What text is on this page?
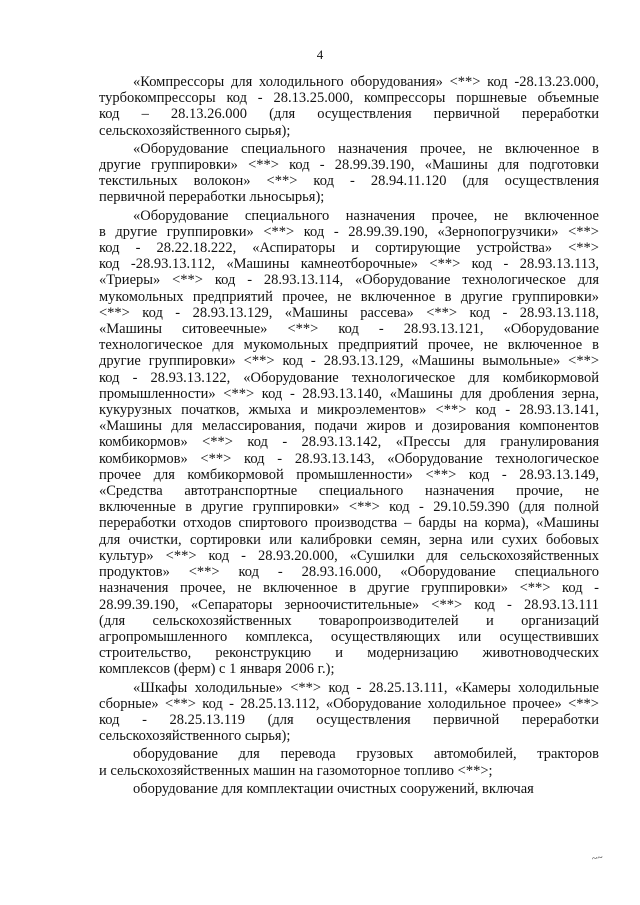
4
«Компрессоры для холодильного оборудования» <**> код -28.13.23.000,
турбокомпрессоры код - 28.13.25.000, компрессоры поршневые объемные
код – 28.13.26.000 (для осуществления первичной переработки
сельскохозяйственного сырья);
«Оборудование специального назначения прочее, не включенное в
другие группировки» <**> код - 28.99.39.190, «Машины для подготовки
текстильных волокон» <**> код - 28.94.11.120 (для осуществления
первичной переработки льносырья);
«Оборудование специального назначения прочее, не включенное
в другие группировки» <**> код - 28.99.39.190, «Зернопогрузчики» <**>
код - 28.22.18.222, «Аспираторы и сортирующие устройства» <**>
код -28.93.13.112, «Машины камнеотборочные» <**> код - 28.93.13.113,
«Триеры» <**> код - 28.93.13.114, «Оборудование технологическое для
мукомольных предприятий прочее, не включенное в другие группировки»
<**> код - 28.93.13.129, «Машины рассева» <**> код - 28.93.13.118,
«Машины ситовеечные» <**> код - 28.93.13.121, «Оборудование
технологическое для мукомольных предприятий прочее, не включенное в
другие группировки» <**> код - 28.93.13.129, «Машины вымольные» <**>
код - 28.93.13.122, «Оборудование технологическое для комбикормовой
промышленности» <**> код - 28.93.13.140, «Машины для дробления зерна,
кукурузных початков, жмыха и микроэлементов» <**> код - 28.93.13.141,
«Машины для мелассирования, подачи жиров и дозирования компонентов
комбикормов» <**> код - 28.93.13.142, «Прессы для гранулирования
комбикормов» <**> код - 28.93.13.143, «Оборудование технологическое
прочее для комбикормовой промышленности» <**> код - 28.93.13.149,
«Средства автотранспортные специального назначения прочие, не
включенные в другие группировки» <**> код - 29.10.59.390 (для полной
переработки отходов спиртового производства – барды на корма), «Машины
для очистки, сортировки или калибровки семян, зерна или сухих бобовых
культур» <**> код - 28.93.20.000, «Сушилки для сельскохозяйственных
продуктов» <**> код - 28.93.16.000, «Оборудование специального
назначения прочее, не включенное в другие группировки» <**> код -
28.99.39.190, «Сепараторы зерноочистительные» <**> код - 28.93.13.111
(для сельскохозяйственных товаропроизводителей и организаций
агропромышленного комплекса, осуществляющих или осуществивших
строительство, реконструкцию и модернизацию животноводческих
комплексов (ферм) с 1 января 2006 г.);
«Шкафы холодильные» <**> код - 28.25.13.111, «Камеры холодильные
сборные» <**> код - 28.25.13.112, «Оборудование холодильное прочее» <**>
код - 28.25.13.119 (для осуществления первичной переработки
сельскохозяйственного сырья);
оборудование для перевода грузовых автомобилей, тракторов
и сельскохозяйственных машин на газомоторное топливо <**>;
оборудование для комплектации очистных сооружений, включая
~~
